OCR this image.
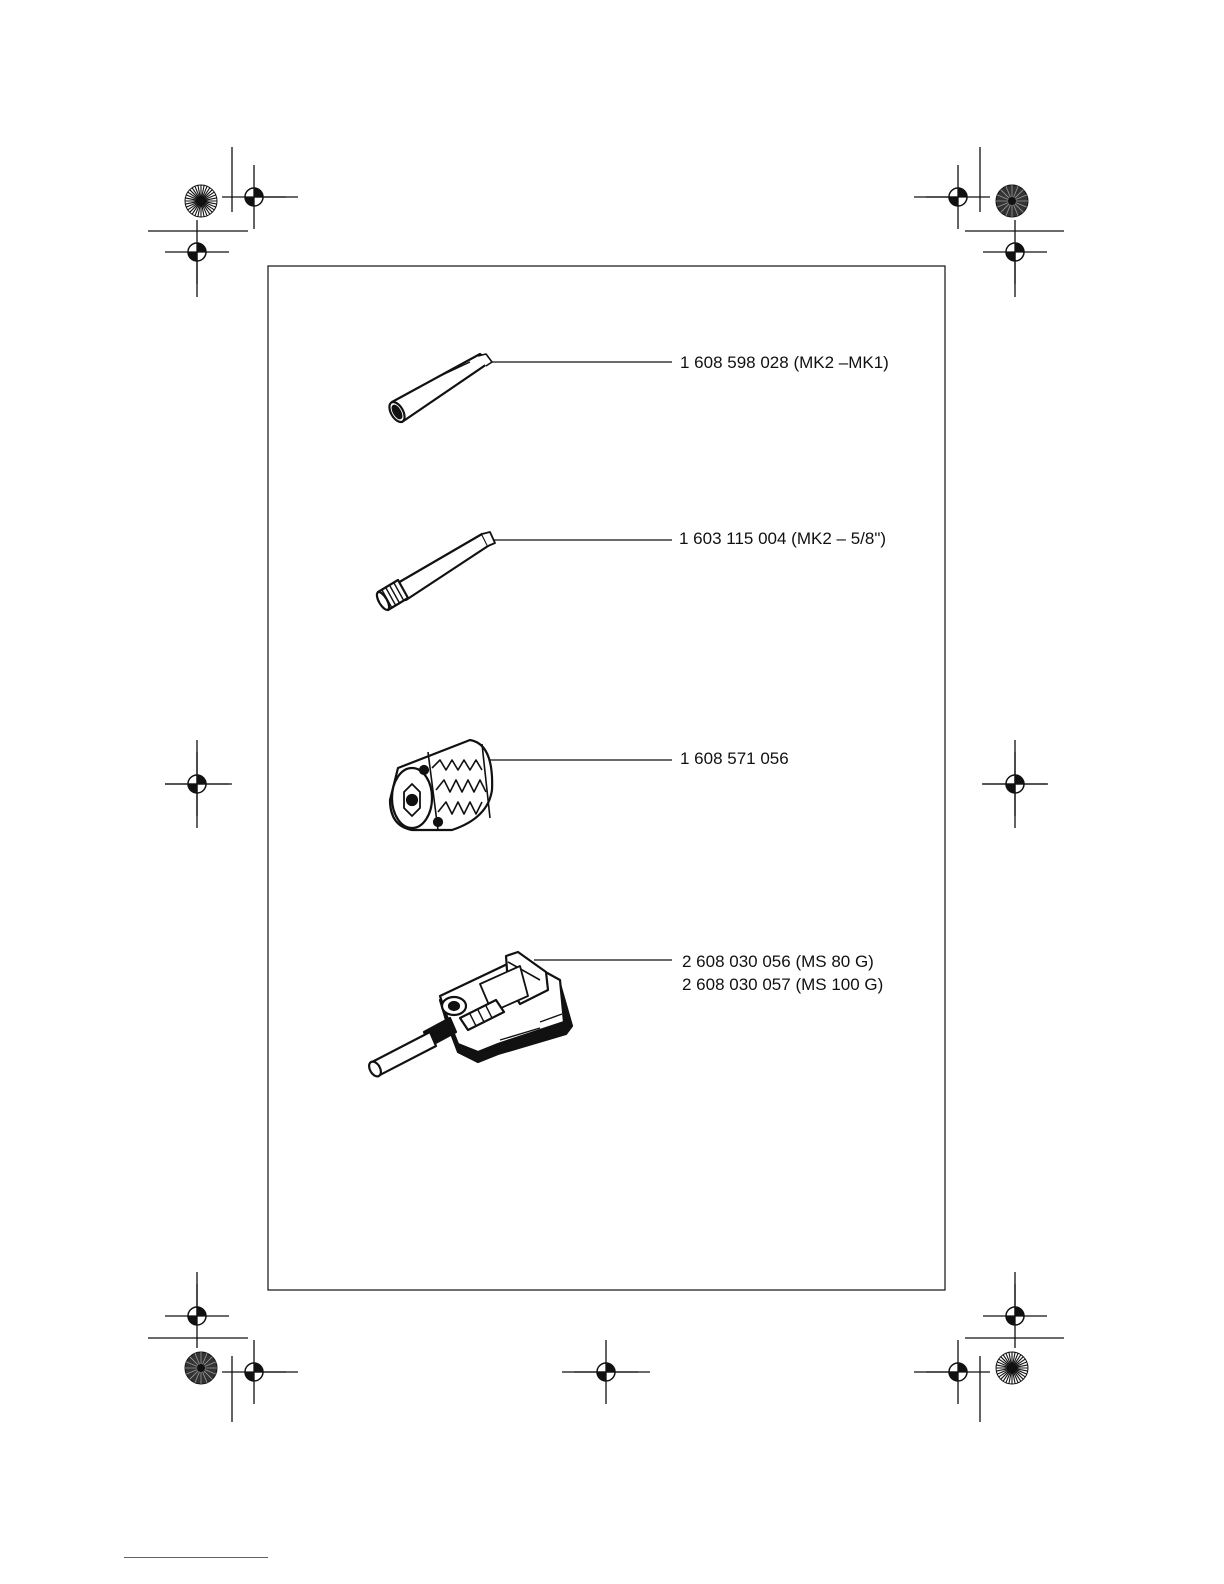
1 608 598 028 (MK2 –MK1)
1 603 115 004 (MK2 – 5/8")
1 608 571 056
2 608 030 056 (MS 80 G)
2 608 030 057 (MS 100 G)
